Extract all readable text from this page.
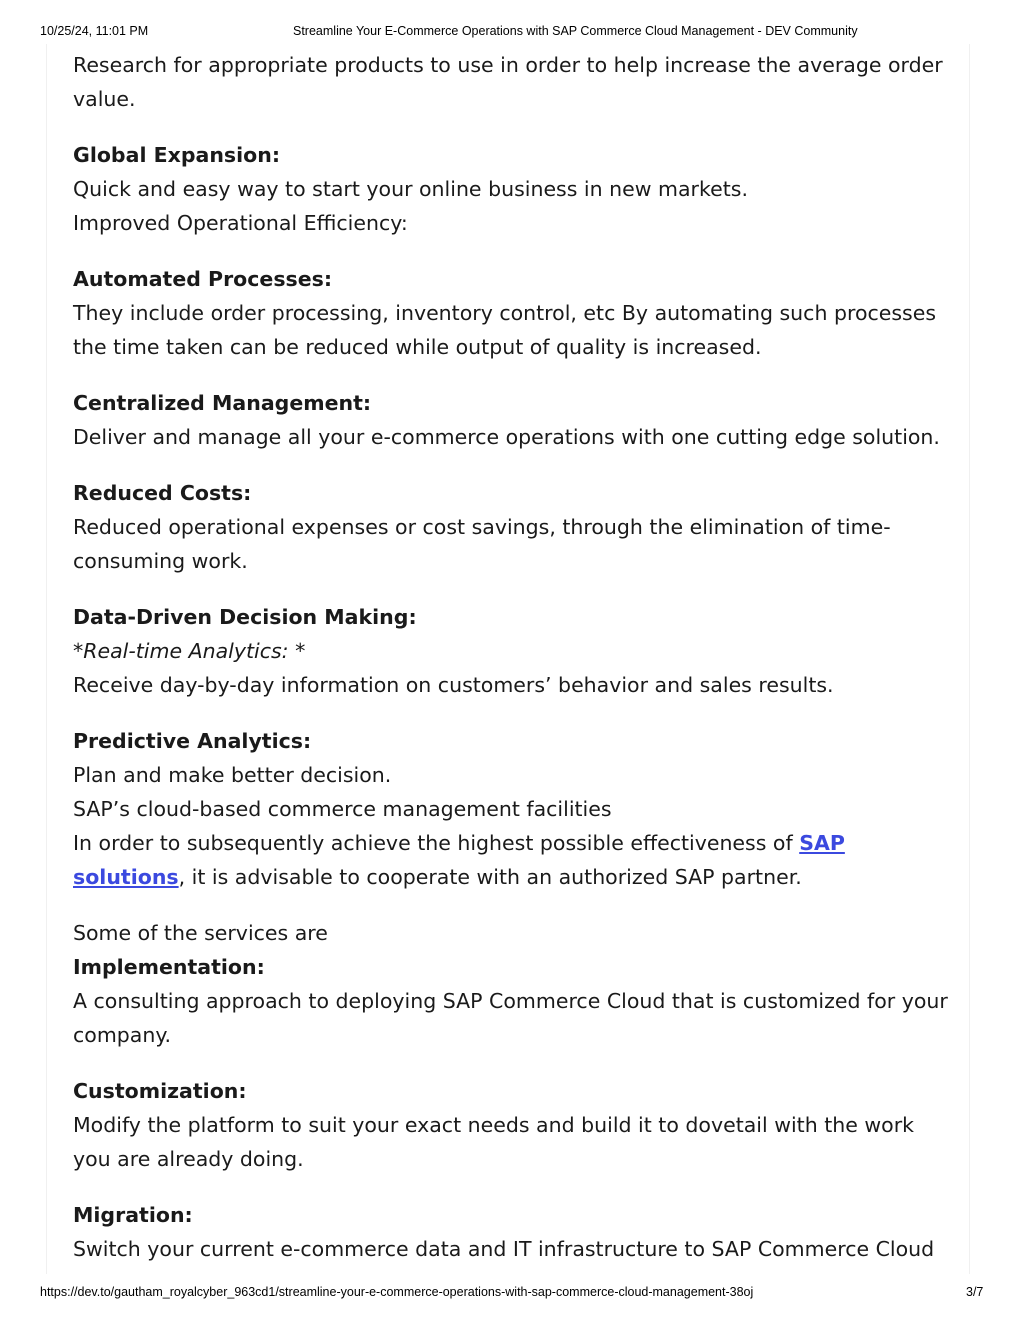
10/25/24, 11:01 PM	Streamline Your E-Commerce Operations with SAP Commerce Cloud Management - DEV Community

Research for appropriate products to use in order to help increase the average order value.

Global Expansion:
Quick and easy way to start your online business in new markets.
Improved Operational Efficiency:

Automated Processes:
They include order processing, inventory control, etc By automating such processes the time taken can be reduced while output of quality is increased.

Centralized Management:
Deliver and manage all your e-commerce operations with one cutting edge solution.

Reduced Costs:
Reduced operational expenses or cost savings, through the elimination of time-consuming work.

Data-Driven Decision Making:
*Real-time Analytics: *
Receive day-by-day information on customers’ behavior and sales results.

Predictive Analytics:
Plan and make better decision.
SAP’s cloud-based commerce management facilities
In order to subsequently achieve the highest possible effectiveness of SAP solutions, it is advisable to cooperate with an authorized SAP partner.

Some of the services are
Implementation:
A consulting approach to deploying SAP Commerce Cloud that is customized for your company.

Customization:
Modify the platform to suit your exact needs and build it to dovetail with the work you are already doing.

Migration:
Switch your current e-commerce data and IT infrastructure to SAP Commerce Cloud

https://dev.to/gautham_royalcyber_963cd1/streamline-your-e-commerce-operations-with-sap-commerce-cloud-management-38oj	3/7
